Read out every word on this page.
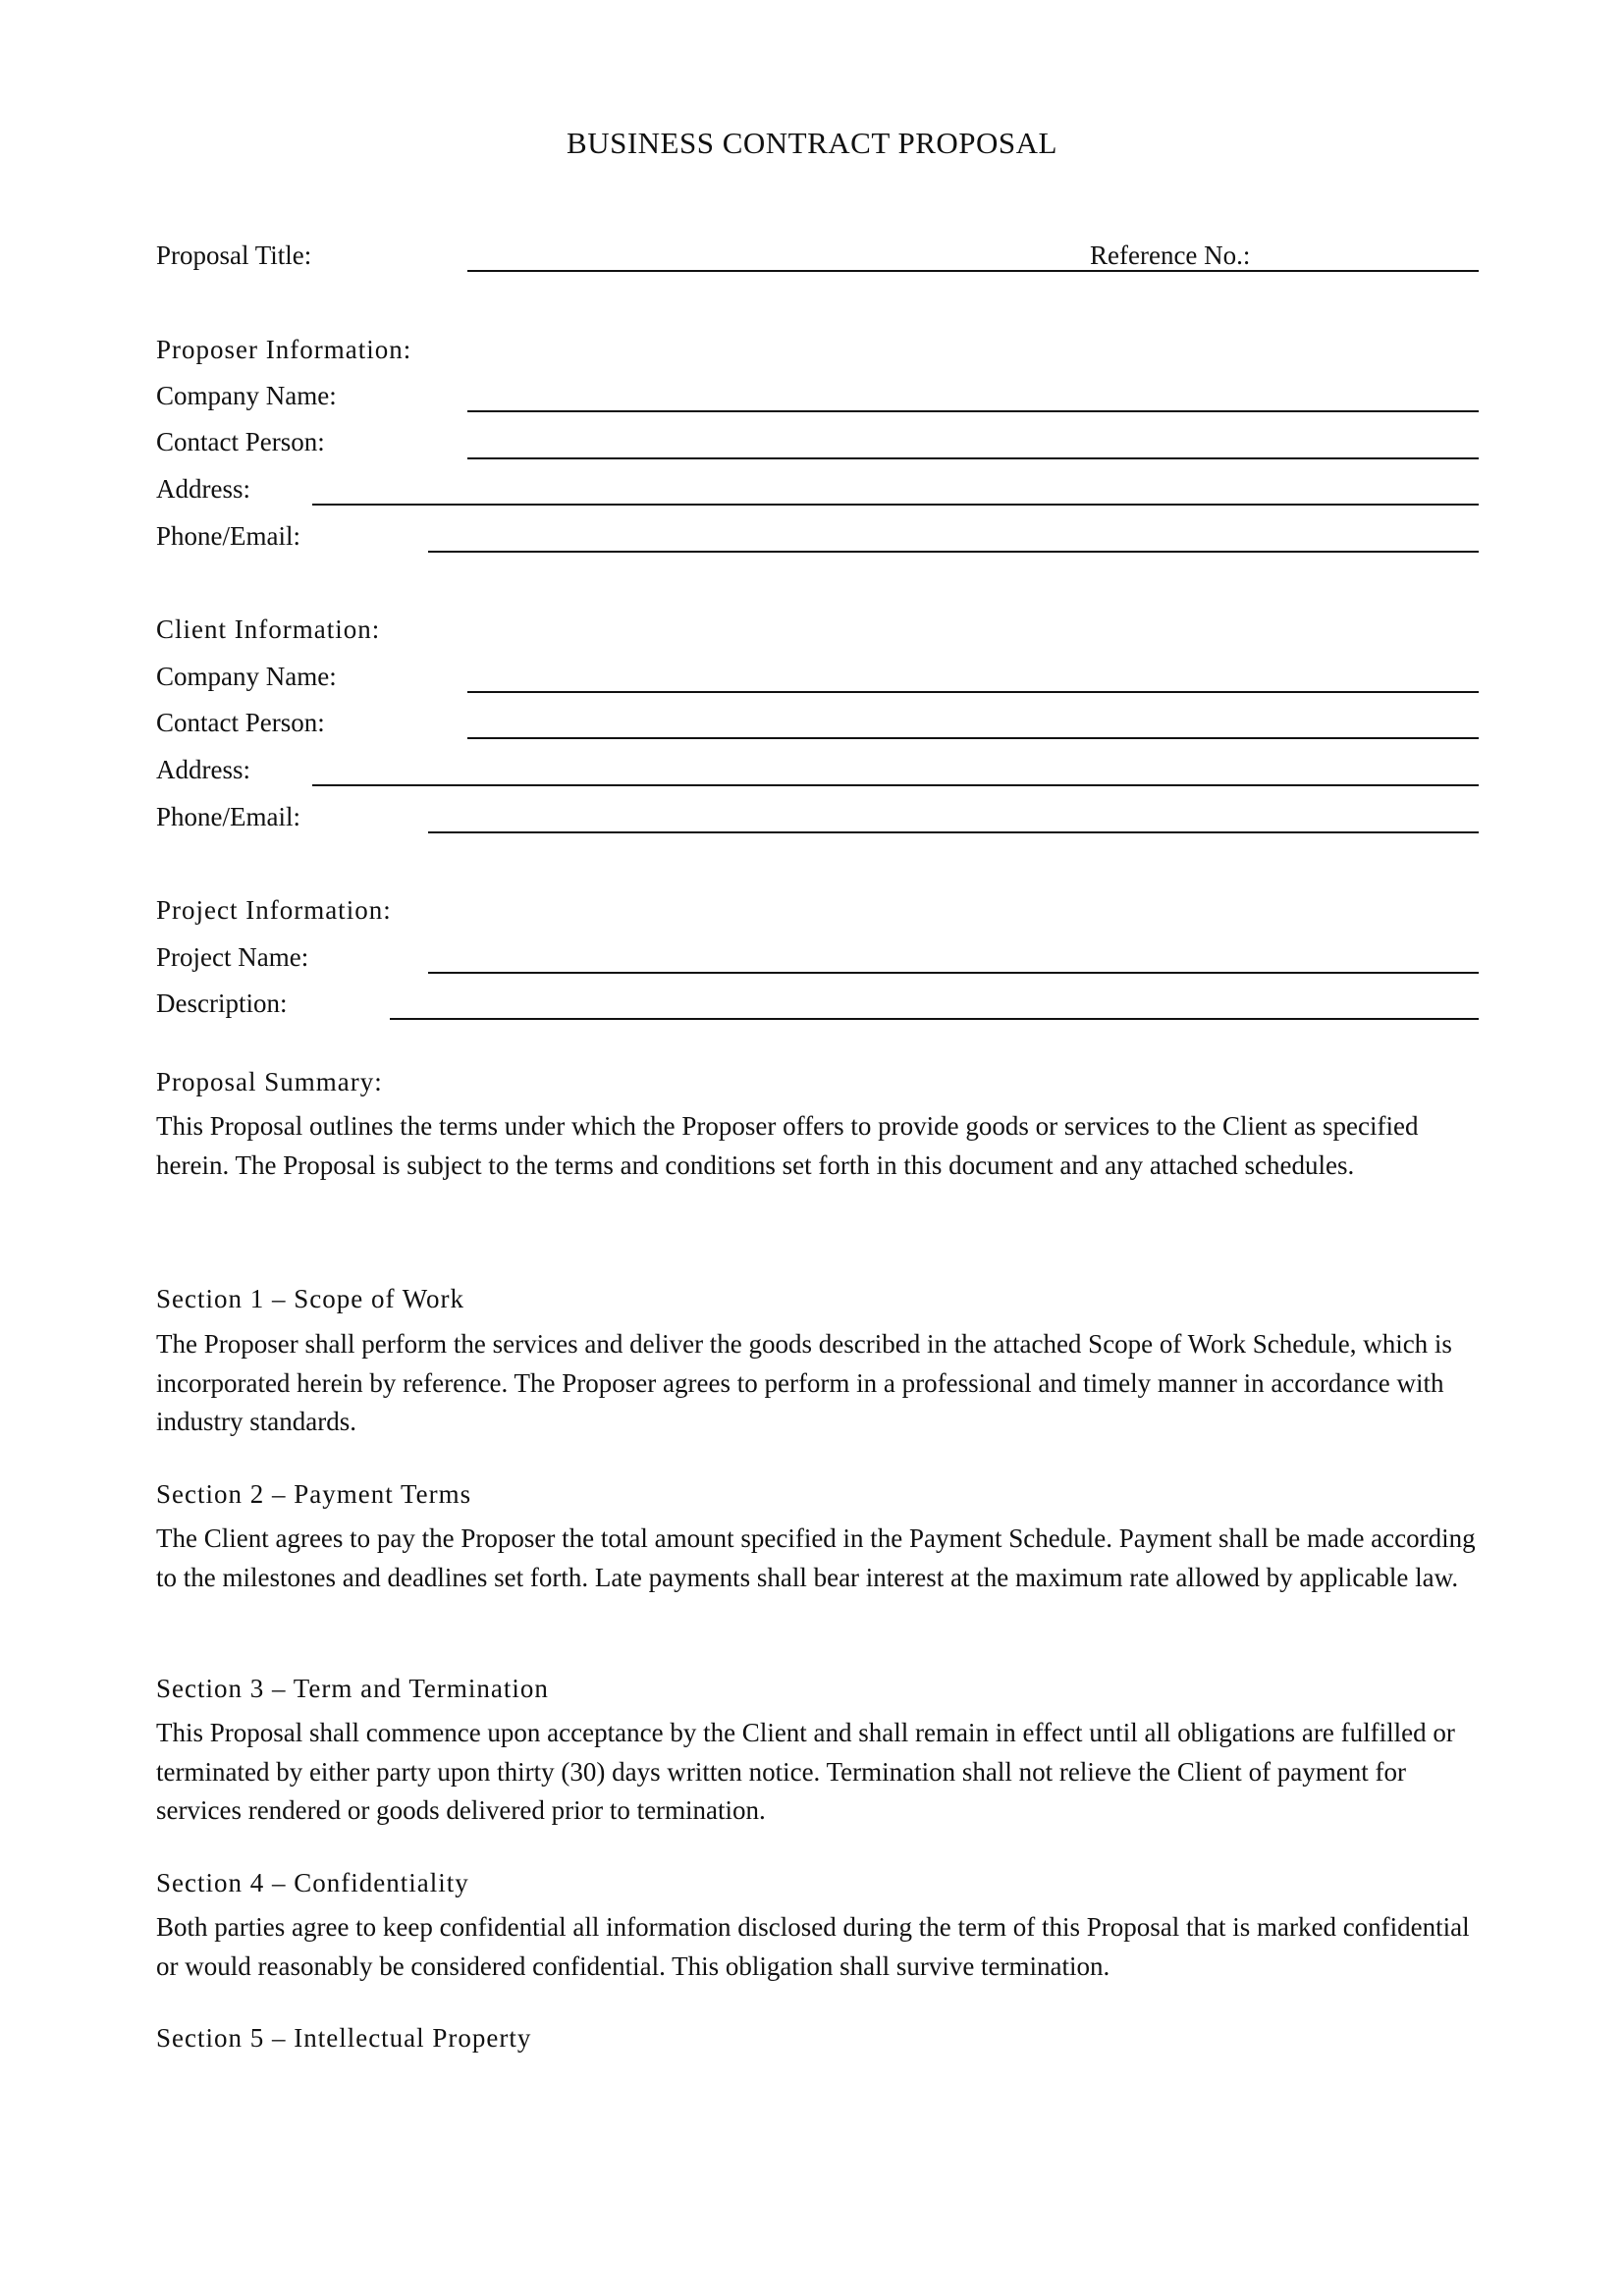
BUSINESS CONTRACT PROPOSAL
Proposal Title:	Reference No.:
Proposer Information:
Company Name:
Contact Person:
Address:
Phone/Email:
Client Information:
Company Name:
Contact Person:
Address:
Phone/Email:
Project Information:
Project Name:
Description:
Proposal Summary:

This Proposal outlines the terms under which the Proposer offers to provide goods or services to the Client as specified herein. The Proposal is subject to the terms and conditions set forth in this document and any attached schedules.

Section 1 – Scope of Work

The Proposer shall perform the services and deliver the goods described in the attached Scope of Work Schedule, which is incorporated herein by reference. The Proposer agrees to perform in a professional and timely manner in accordance with industry standards.

Section 2 – Payment Terms

The Client agrees to pay the Proposer the total amount specified in the Payment Schedule. Payment shall be made according to the milestones and deadlines set forth. Late payments shall bear interest at the maximum rate allowed by applicable law.

Section 3 – Term and Termination

This Proposal shall commence upon acceptance by the Client and shall remain in effect until all obligations are fulfilled or terminated by either party upon thirty (30) days written notice. Termination shall not relieve the Client of payment for services rendered or goods delivered prior to termination.

Section 4 – Confidentiality

Both parties agree to keep confidential all information disclosed during the term of this Proposal that is marked confidential or would reasonably be considered confidential. This obligation shall survive termination.

Section 5 – Intellectual Property
